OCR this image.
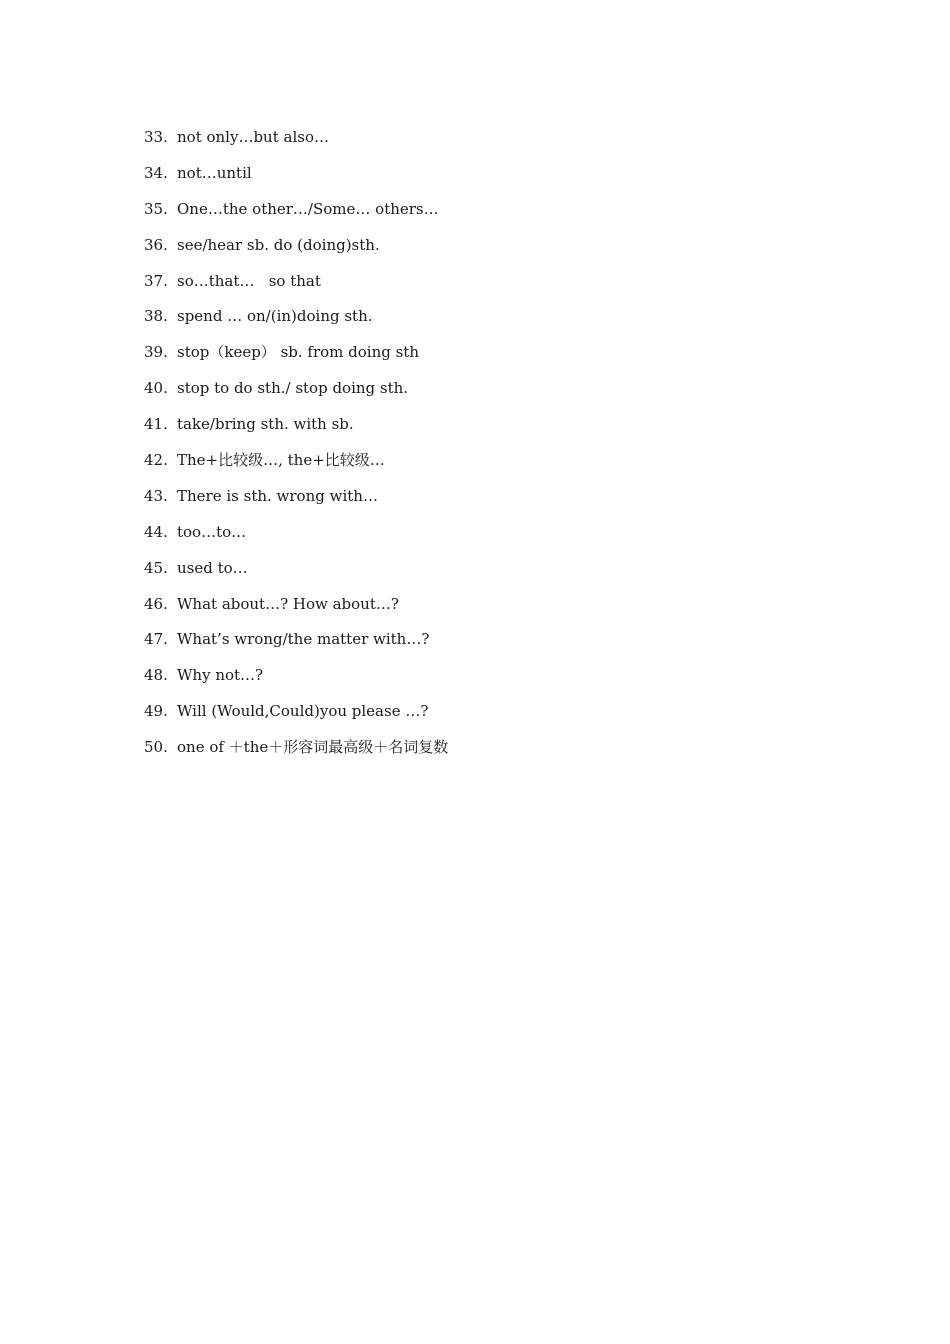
33. not only…but also…
34. not…until
35. One…the other…/Some… others…
36. see/hear sb. do (doing)sth.
37. so…that…   so that
38. spend … on/(in)doing sth.
39. stop（keep） sb. from doing sth
40. stop to do sth./ stop doing sth.
41. take/bring sth. with sb.
42. The+比较级…, the+比较级…
43. There is sth. wrong with…
44. too…to…
45. used to…
46. What about…? How about…?
47. What’s wrong/the matter with…?
48. Why not…?
49. Will (Would,Could)you please …?
50. one of ＋the＋形容词最高级＋名词复数
